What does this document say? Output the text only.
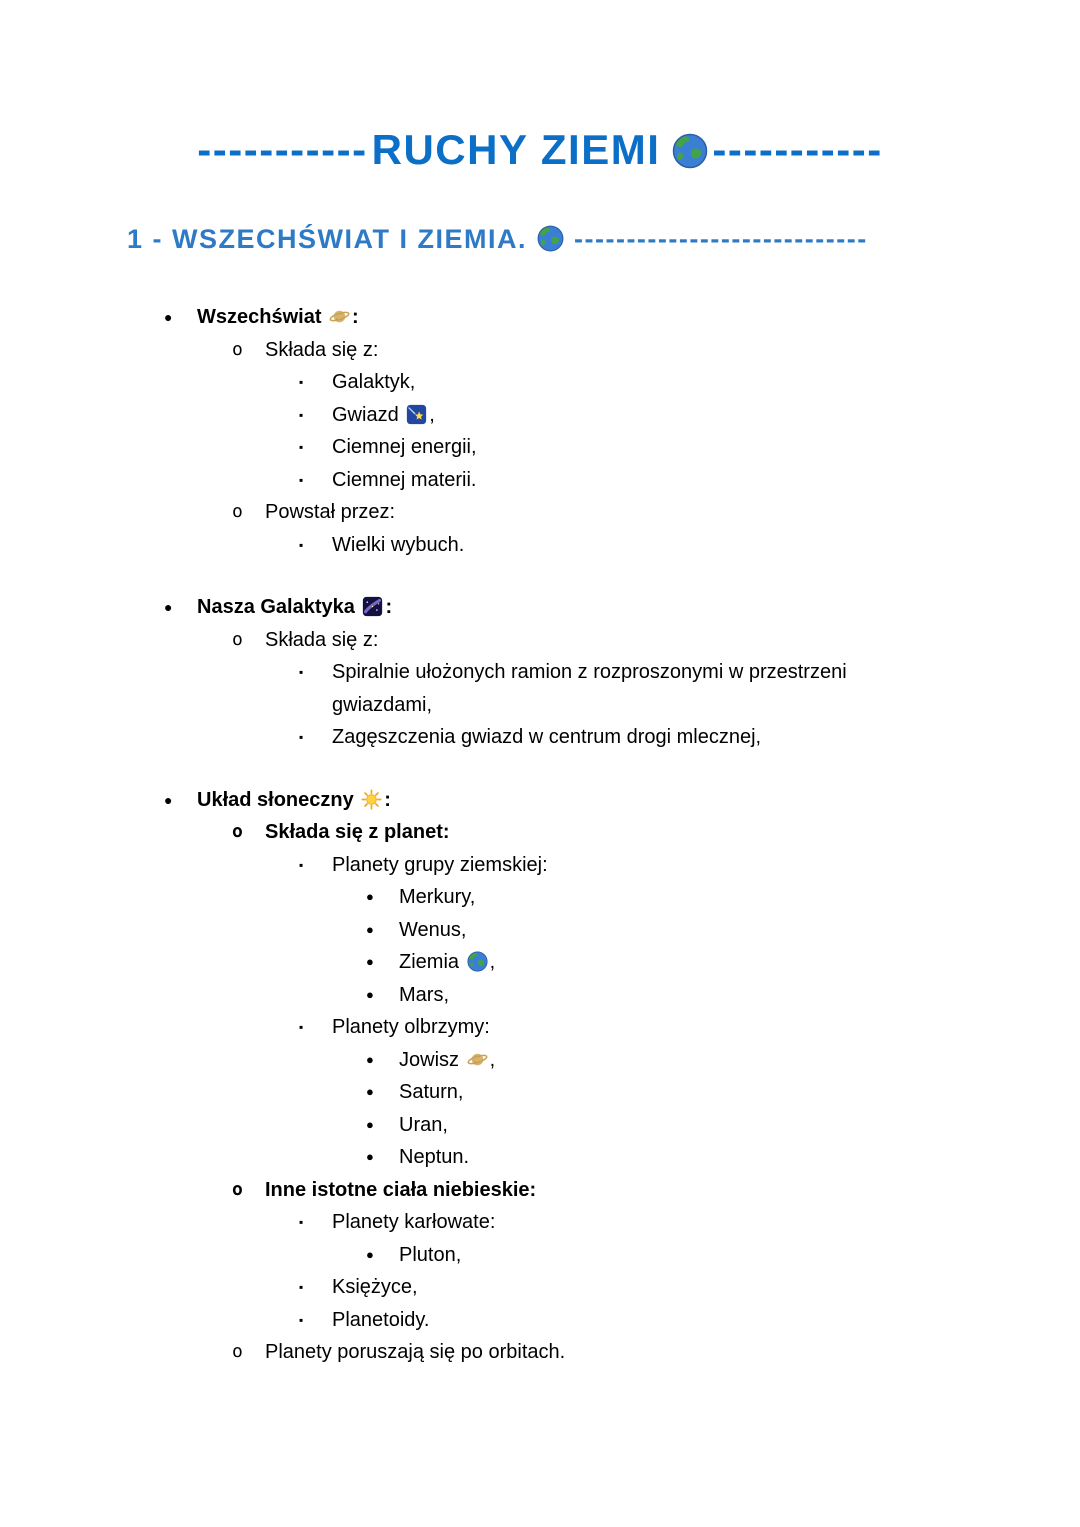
-----------RUCHY ZIEMI -----------
1 - WSZECHŚWIAT I ZIEMIA. ----------------------------
●	Wszechświat :
o	Składa się z:
▪	Galaktyk,
▪	Gwiazd ,
▪	Ciemnej energii,
▪	Ciemnej materii.
o	Powstał przez:
▪	Wielki wybuch.
●	Nasza Galaktyka :
o	Składa się z:
▪	Spiralnie ułożonych ramion z rozproszonymi w przestrzeni gwiazdami,
▪	Zagęszczenia gwiazd w centrum drogi mlecznej,
●	Układ słoneczny :
o	Składa się z planet:
▪	Planety grupy ziemskiej:
●	Merkury,
●	Wenus,
●	Ziemia ,
●	Mars,
▪	Planety olbrzymy:
●	Jowisz ,
●	Saturn,
●	Uran,
●	Neptun.
o	Inne istotne ciała niebieskie:
▪	Planety karłowate:
●	Pluton,
▪	Księżyce,
▪	Planetoidy.
o	Planety poruszają się po orbitach.
